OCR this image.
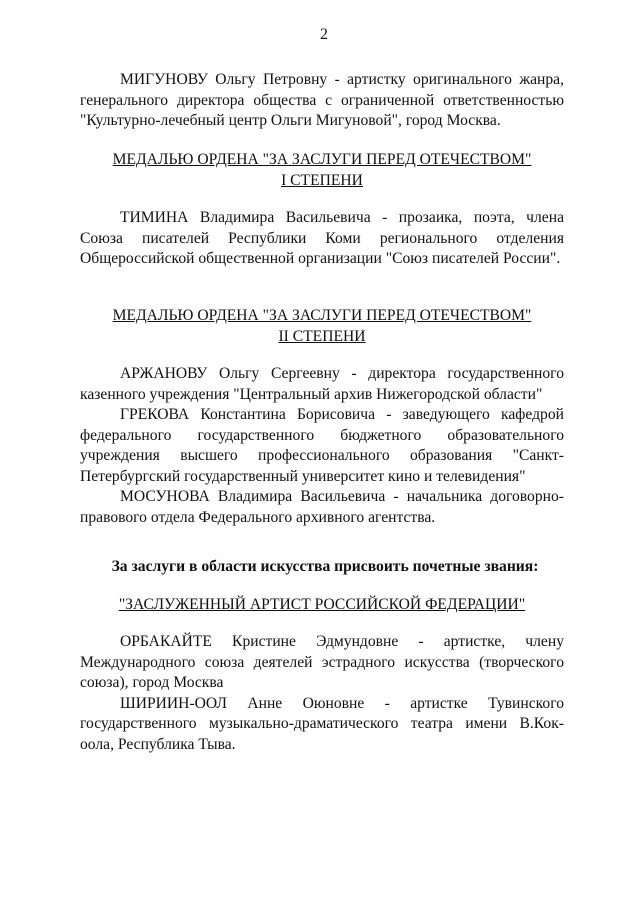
2

МИГУНОВУ Ольгу Петровну - артистку оригинального жанра, генерального директора общества с ограниченной ответственностью "Культурно-лечебный центр Ольги Мигуновой", город Москва.

МЕДАЛЬЮ ОРДЕНА "ЗА ЗАСЛУГИ ПЕРЕД ОТЕЧЕСТВОМ"
I СТЕПЕНИ

ТИМИНА Владимира Васильевича - прозаика, поэта, члена Союза писателей Республики Коми регионального отделения Общероссийской общественной организации "Союз писателей России".

МЕДАЛЬЮ ОРДЕНА "ЗА ЗАСЛУГИ ПЕРЕД ОТЕЧЕСТВОМ"
II СТЕПЕНИ

АРЖАНОВУ Ольгу Сергеевну - директора государственного казенного учреждения "Центральный архив Нижегородской области"

ГРЕКОВА Константина Борисовича - заведующего кафедрой федерального государственного бюджетного образовательного учреждения высшего профессионального образования "Санкт-Петербургский государственный университет кино и телевидения"

МОСУНОВА Владимира Васильевича - начальника договорно-правового отдела Федерального архивного агентства.

За заслуги в области искусства присвоить почетные звания:
"ЗАСЛУЖЕННЫЙ АРТИСТ РОССИЙСКОЙ ФЕДЕРАЦИИ"

ОРБАКАЙТЕ Кристине Эдмундовне - артистке, члену Международного союза деятелей эстрадного искусства (творческого союза), город Москва

ШИРИИН-ООЛ Анне Оюновне - артистке Тувинского государственного музыкально-драматического театра имени В.Кок-оола, Республика Тыва.
